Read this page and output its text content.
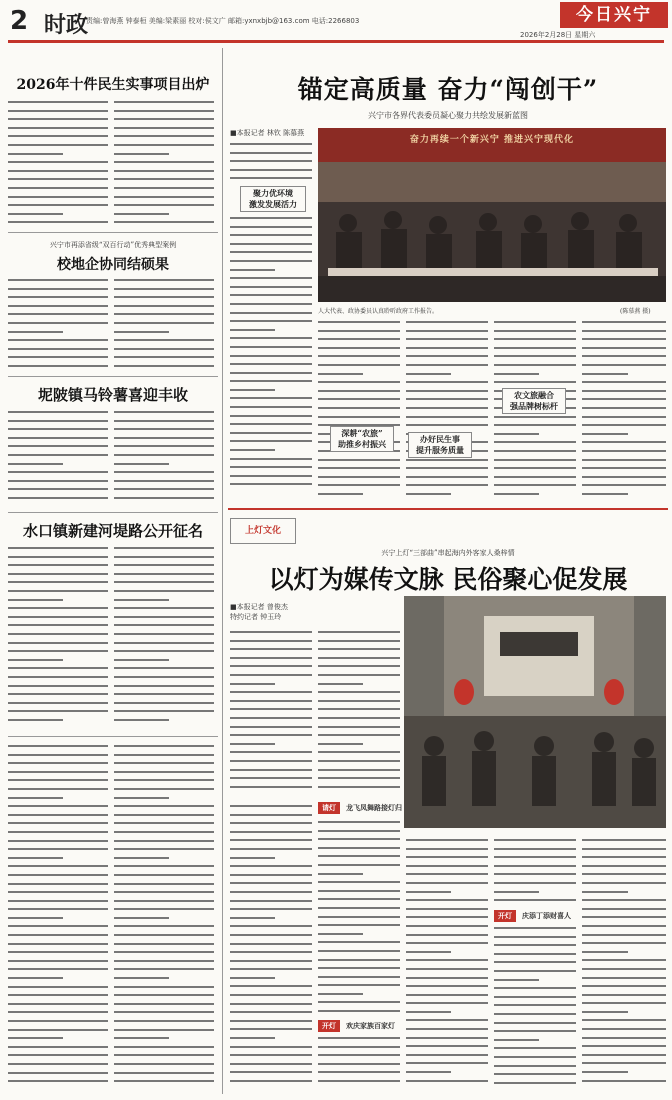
2 时政
责编:曾海燕 钟泰桓 美编:梁素丽 校对:侯文广 邮箱:yxnxbjb@163.com 电话:2266803	今日兴宁
2026年2月28日 星期六
2026年十件民生实事项目出炉
兴宁市再添省级“双百行动”优秀典型案例
校地企协同结硕果
坭陂镇马铃薯喜迎丰收
水口镇新建河堤路公开征名
锚定高质量 奋力“闯创干”
兴宁市各界代表委员凝心聚力共绘发展新蓝图
■本报记者 林钦 陈慕燕
聚力优环境
激发发展活力
奋力再续一个新兴宁 推进兴宁现代化
人大代表、政协委员认真聆听政府工作报告。	(陈慕燕 摄)
深耕“农旅”
助推乡村振兴	办好民生事
提升服务质量
农文旅融合
强品牌树标杆
上灯文化
兴宁上灯“三部曲”串起海内外客家人桑梓情
以灯为媒传文脉 民俗聚心促发展
■本报记者 曾俊杰
特约记者 钟玉玲
请灯	龙飞凤舞路接灯归
开灯	欢庆家族百家灯
开灯	庆添丁添财喜人
